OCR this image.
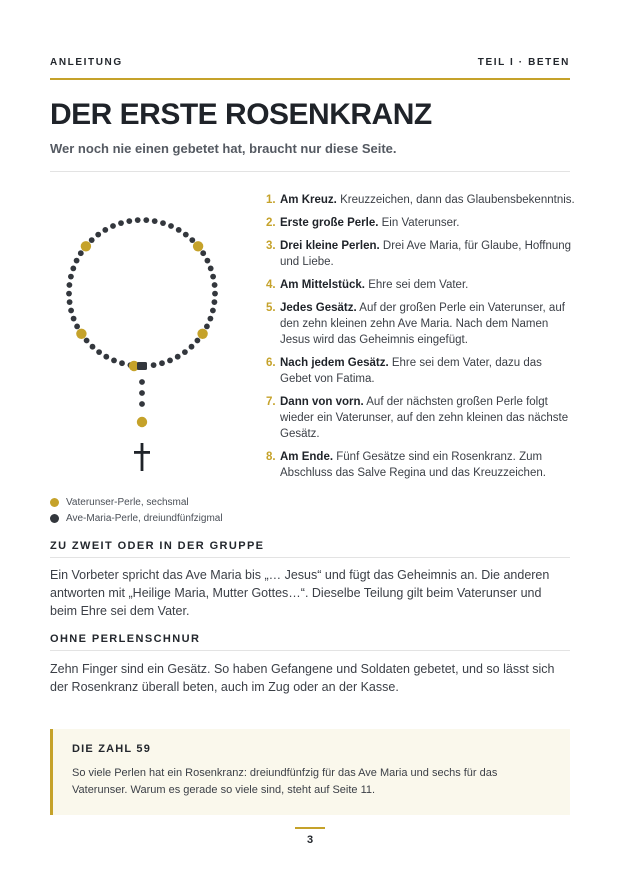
ANLEITUNG	TEIL I · BETEN
DER ERSTE ROSENKRANZ

Wer noch nie einen gebetet hat, braucht nur diese Seite.

Vaterunser-Perle, sechsmal
Ave-Maria-Perle, dreiundfünfzigmal
1. Am Kreuz. Kreuzzeichen, dann das Glaubensbekenntnis.
2. Erste große Perle. Ein Vaterunser.
3. Drei kleine Perlen. Drei Ave Maria, für Glaube, Hoffnung und Liebe.
4. Am Mittelstück. Ehre sei dem Vater.
5. Jedes Gesätz. Auf der großen Perle ein Vaterunser, auf den zehn kleinen zehn Ave Maria. Nach dem Namen Jesus wird das Geheimnis eingefügt.
6. Nach jedem Gesätz. Ehre sei dem Vater, dazu das Gebet von Fatima.
7. Dann von vorn. Auf der nächsten großen Perle folgt wieder ein Vaterunser, auf den zehn kleinen das nächste Gesätz.
8. Am Ende. Fünf Gesätze sind ein Rosenkranz. Zum Abschluss das Salve Regina und das Kreuzzeichen.
ZU ZWEIT ODER IN DER GRUPPE

Ein Vorbeter spricht das Ave Maria bis „… Jesus“ und fügt das Geheimnis an. Die anderen antworten mit „Heilige Maria, Mutter Gottes…“. Dieselbe Teilung gilt beim Vaterunser und beim Ehre sei dem Vater.

OHNE PERLENSCHNUR

Zehn Finger sind ein Gesätz. So haben Gefangene und Soldaten gebetet, und so lässt sich der Rosenkranz überall beten, auch im Zug oder an der Kasse.

DIE ZAHL 59

So viele Perlen hat ein Rosenkranz: dreiundfünfzig für das Ave Maria und sechs für das Vaterunser. Warum es gerade so viele sind, steht auf Seite 11.

3
